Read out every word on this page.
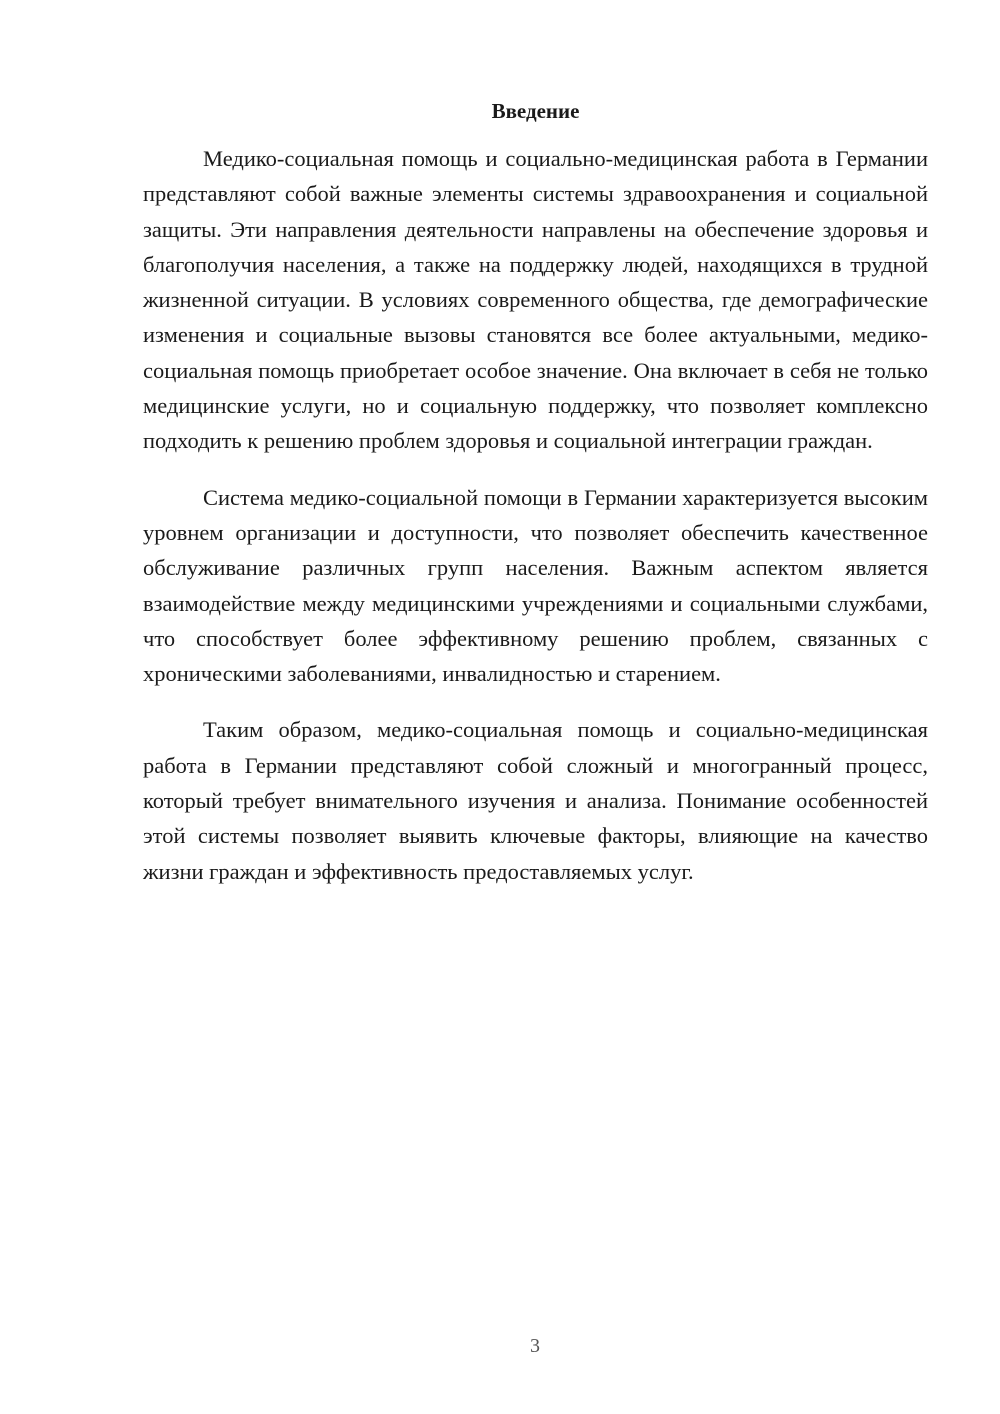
Введение

Медико-социальная помощь и социально-медицинская работа в Германии представляют собой важные элементы системы здравоохранения и социальной защиты. Эти направления деятельности направлены на обеспечение здоровья и благополучия населения, а также на поддержку людей, находящихся в трудной жизненной ситуации. В условиях современного общества, где демографические изменения и социальные вызовы становятся все более актуальными, медико-социальная помощь приобретает особое значение. Она включает в себя не только медицинские услуги, но и социальную поддержку, что позволяет комплексно подходить к решению проблем здоровья и социальной интеграции граждан.

Система медико-социальной помощи в Германии характеризуется высоким уровнем организации и доступности, что позволяет обеспечить качественное обслуживание различных групп населения. Важным аспектом является взаимодействие между медицинскими учреждениями и социальными службами, что способствует более эффективному решению проблем, связанных с хроническими заболеваниями, инвалидностью и старением.

Таким образом, медико-социальная помощь и социально-медицинская работа в Германии представляют собой сложный и многогранный процесс, который требует внимательного изучения и анализа. Понимание особенностей этой системы позволяет выявить ключевые факторы, влияющие на качество жизни граждан и эффективность предоставляемых услуг.

3
